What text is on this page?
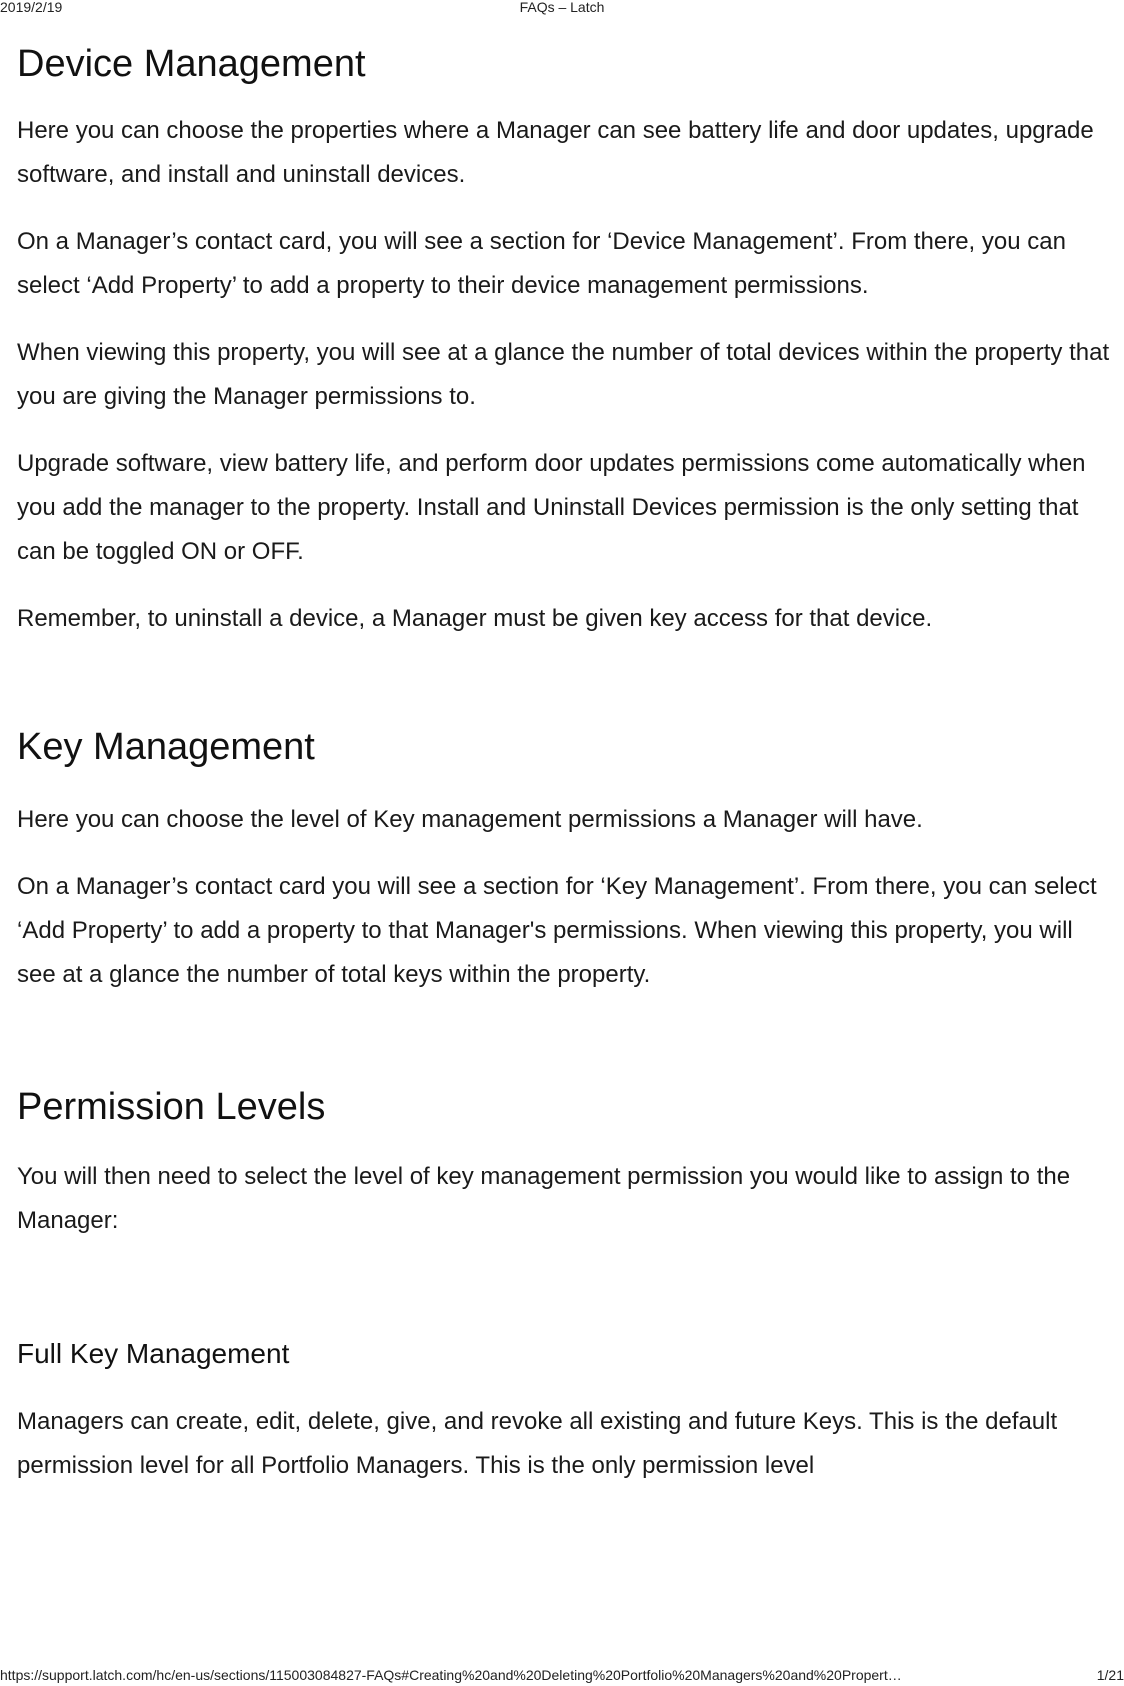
2019/2/19	FAQs – Latch
Device Management

Here you can choose the properties where a Manager can see battery life and door updates, upgrade software, and install and uninstall devices.

On a Manager’s contact card, you will see a section for ‘Device Management’. From there, you can select ‘Add Property’ to add a property to their device management permissions.

When viewing this property, you will see at a glance the number of total devices within the property that you are giving the Manager permissions to.

Upgrade software, view battery life, and perform door updates permissions come automatically when you add the manager to the property. Install and Uninstall Devices permission is the only setting that can be toggled ON or OFF.

Remember, to uninstall a device, a Manager must be given key access for that device.

Key Management

Here you can choose the level of Key management permissions a Manager will have.

On a Manager’s contact card you will see a section for ‘Key Management’. From there, you can select ‘Add Property’ to add a property to that Manager's permissions. When viewing this property, you will see at a glance the number of total keys within the property.

Permission Levels

You will then need to select the level of key management permission you would like to assign to the Manager:

Full Key Management

Managers can create, edit, delete, give, and revoke all existing and future Keys. This is the default permission level for all Portfolio Managers. This is the only permission level

https://support.latch.com/hc/en-us/sections/115003084827-FAQs#Creating%20and%20Deleting%20Portfolio%20Managers%20and%20Propert…	1/21
